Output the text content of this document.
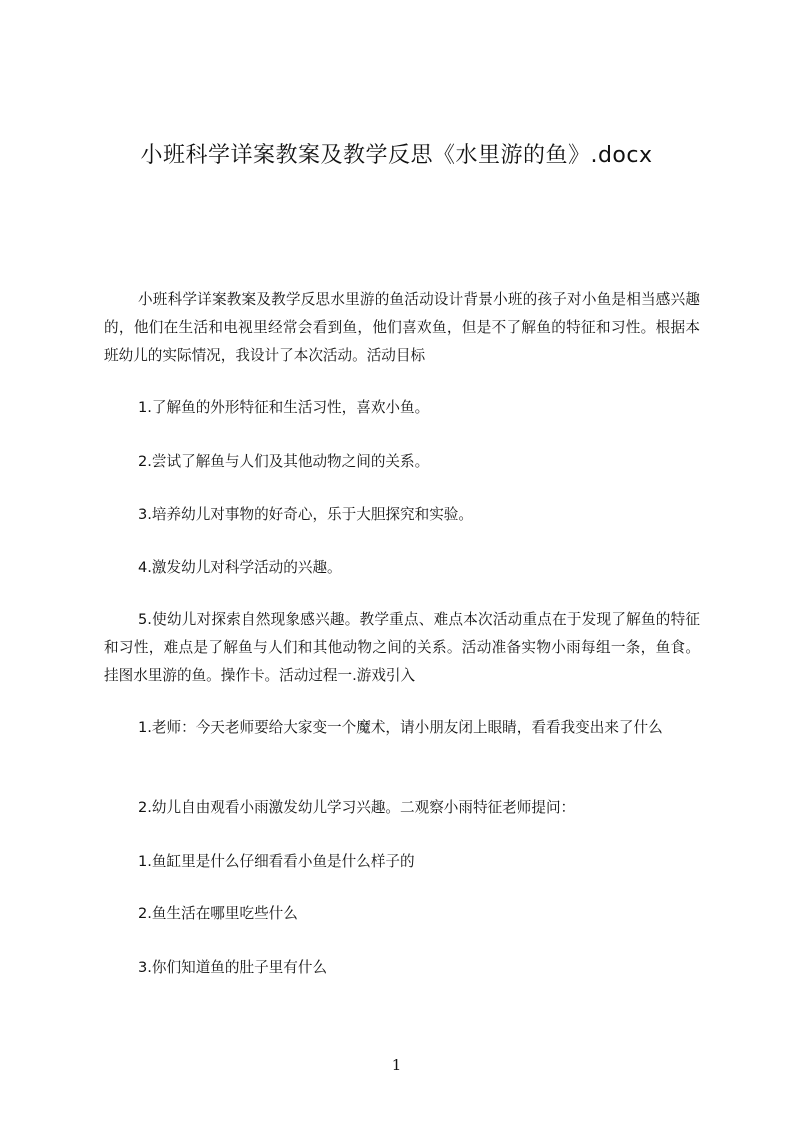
小班科学详案教案及教学反思《水里游的鱼》.docx

小班科学详案教案及教学反思水里游的鱼活动设计背景小班的孩子对小鱼是相当感兴趣的，他们在生活和电视里经常会看到鱼，他们喜欢鱼，但是不了解鱼的特征和习性。根据本班幼儿的实际情况，我设计了本次活动。活动目标

1.了解鱼的外形特征和生活习性，喜欢小鱼。

2.尝试了解鱼与人们及其他动物之间的关系。

3.培养幼儿对事物的好奇心，乐于大胆探究和实验。

4.激发幼儿对科学活动的兴趣。

5.使幼儿对探索自然现象感兴趣。教学重点、难点本次活动重点在于发现了解鱼的特征和习性，难点是了解鱼与人们和其他动物之间的关系。活动准备实物小雨每组一条，鱼食。挂图水里游的鱼。操作卡。活动过程一.游戏引入

1.老师：今天老师要给大家变一个魔术，请小朋友闭上眼睛，看看我变出来了什么

2.幼儿自由观看小雨激发幼儿学习兴趣。二观察小雨特征老师提问：

1.鱼缸里是什么仔细看看小鱼是什么样子的

2.鱼生活在哪里吃些什么

3.你们知道鱼的肚子里有什么

1
